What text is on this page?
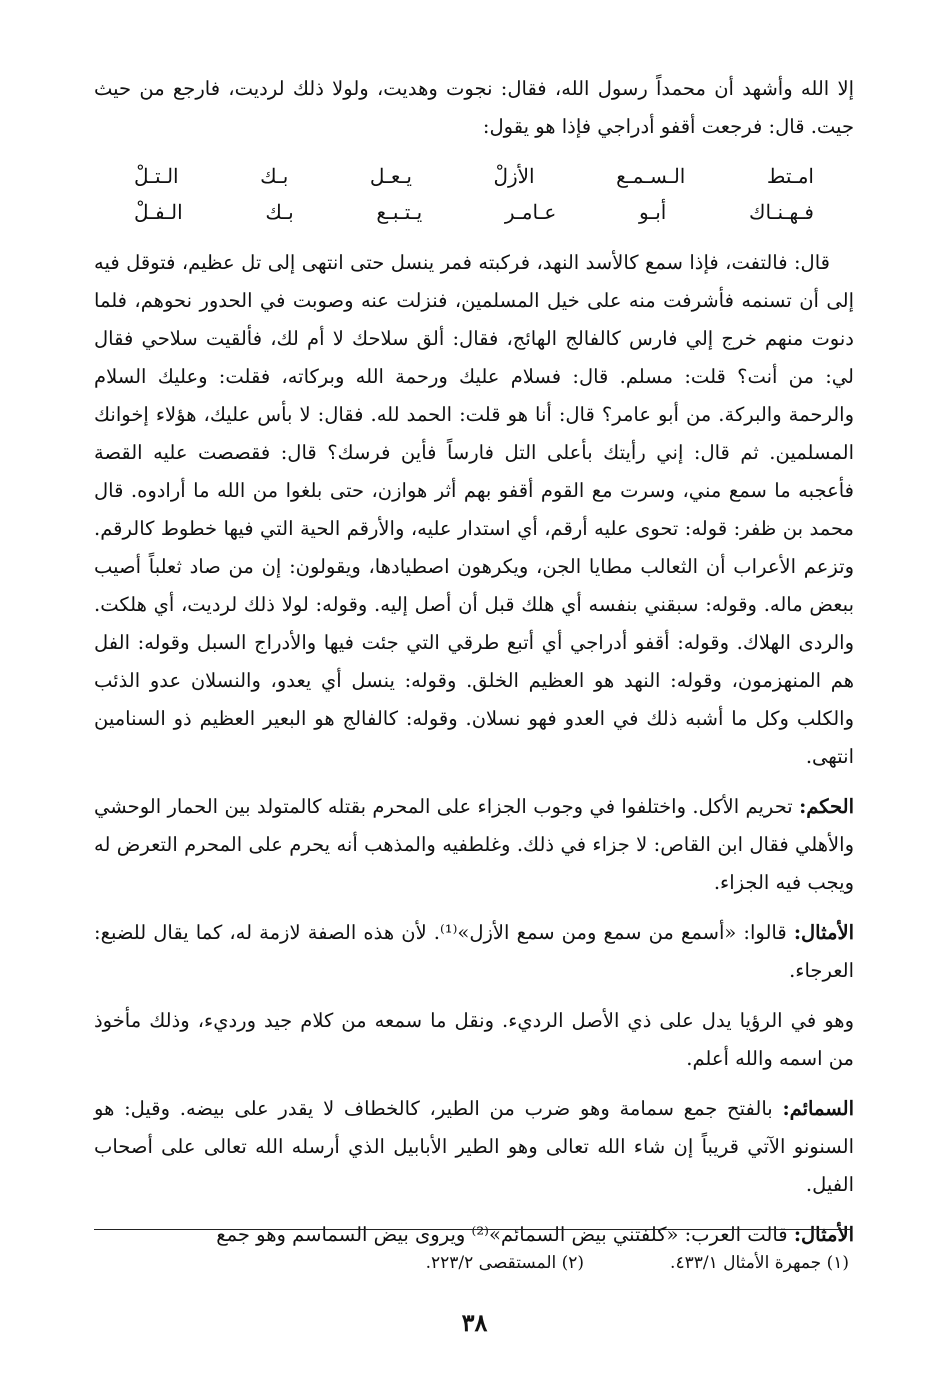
إلا الله وأشهد أن محمداً رسول الله، فقال: نجوت وهديت، ولولا ذلك لرديت، فارجع من حيث جيت. قال: فرجعت أقفو أدراجي فإذا هو يقول:

امـتط
الـسـمـع
الأزلْ
يـعـل
بـك
الـتـلْ
فـهـنـاك
أبـو
عـامـر
يـتـبـع
بـك
الـفـلْ

قال: فالتفت، فإذا سمع كالأسد النهد، فركبته فمر ينسل حتى انتهى إلى تل عظيم، فتوقل فيه إلى أن تسنمه فأشرفت منه على خيل المسلمين، فنزلت عنه وصوبت في الحدور نحوهم، فلما دنوت منهم خرج إلي فارس كالفالج الهائج، فقال: ألق سلاحك لا أم لك، فألقيت سلاحي فقال لي: من أنت؟ قلت: مسلم. قال: فسلام عليك ورحمة الله وبركاته، فقلت: وعليك السلام والرحمة والبركة. من أبو عامر؟ قال: أنا هو قلت: الحمد لله. فقال: لا بأس عليك، هؤلاء إخوانك المسلمين. ثم قال: إني رأيتك بأعلى التل فارساً فأين فرسك؟ قال: فقصصت عليه القصة فأعجبه ما سمع مني، وسرت مع القوم أقفو بهم أثر هوازن، حتى بلغوا من الله ما أرادوه. قال محمد بن ظفر: قوله: تحوى عليه أرقم، أي استدار عليه، والأرقم الحية التي فيها خطوط كالرقم. وتزعم الأعراب أن الثعالب مطايا الجن، ويكرهون اصطيادها، ويقولون: إن من صاد ثعلباً أصيب ببعض ماله. وقوله: سبقني بنفسه أي هلك قبل أن أصل إليه. وقوله: لولا ذلك لرديت، أي هلكت. والردى الهلاك. وقوله: أقفو أدراجي أي أتبع طرقي التي جئت فيها والأدراج السبل وقوله: الفل هم المنهزمون، وقوله: النهد هو العظيم الخلق. وقوله: ينسل أي يعدو، والنسلان عدو الذئب والكلب وكل ما أشبه ذلك في العدو فهو نسلان. وقوله: كالفالج هو البعير العظيم ذو السنامين انتهى.

الحكم: تحريم الأكل. واختلفوا في وجوب الجزاء على المحرم بقتله كالمتولد بين الحمار الوحشي والأهلي فقال ابن القاص: لا جزاء في ذلك. وغلطفيه والمذهب أنه يحرم على المحرم التعرض له ويجب فيه الجزاء.

الأمثال: قالوا: «أسمع من سمع ومن سمع الأزل»⁽¹⁾. لأن هذه الصفة لازمة له، كما يقال للضبع: العرجاء.

وهو في الرؤيا يدل على ذي الأصل الرديء. ونقل ما سمعه من كلام جيد ورديء، وذلك مأخوذ من اسمه والله أعلم.

السمائم: بالفتح جمع سمامة وهو ضرب من الطير، كالخطاف لا يقدر على بيضه. وقيل: هو السنونو الآتي قريباً إن شاء الله تعالى وهو الطير الأبابيل الذي أرسله الله تعالى على أصحاب الفيل.

الأمثال: قالت العرب: «كلفتني بيض السمائم»⁽²⁾ ويروى بيض السماسم وهو جمع

(١) جمهرة الأمثال ٤٣٣/١.
(٢) المستقصى ٢٢٣/٢.
٣٨
